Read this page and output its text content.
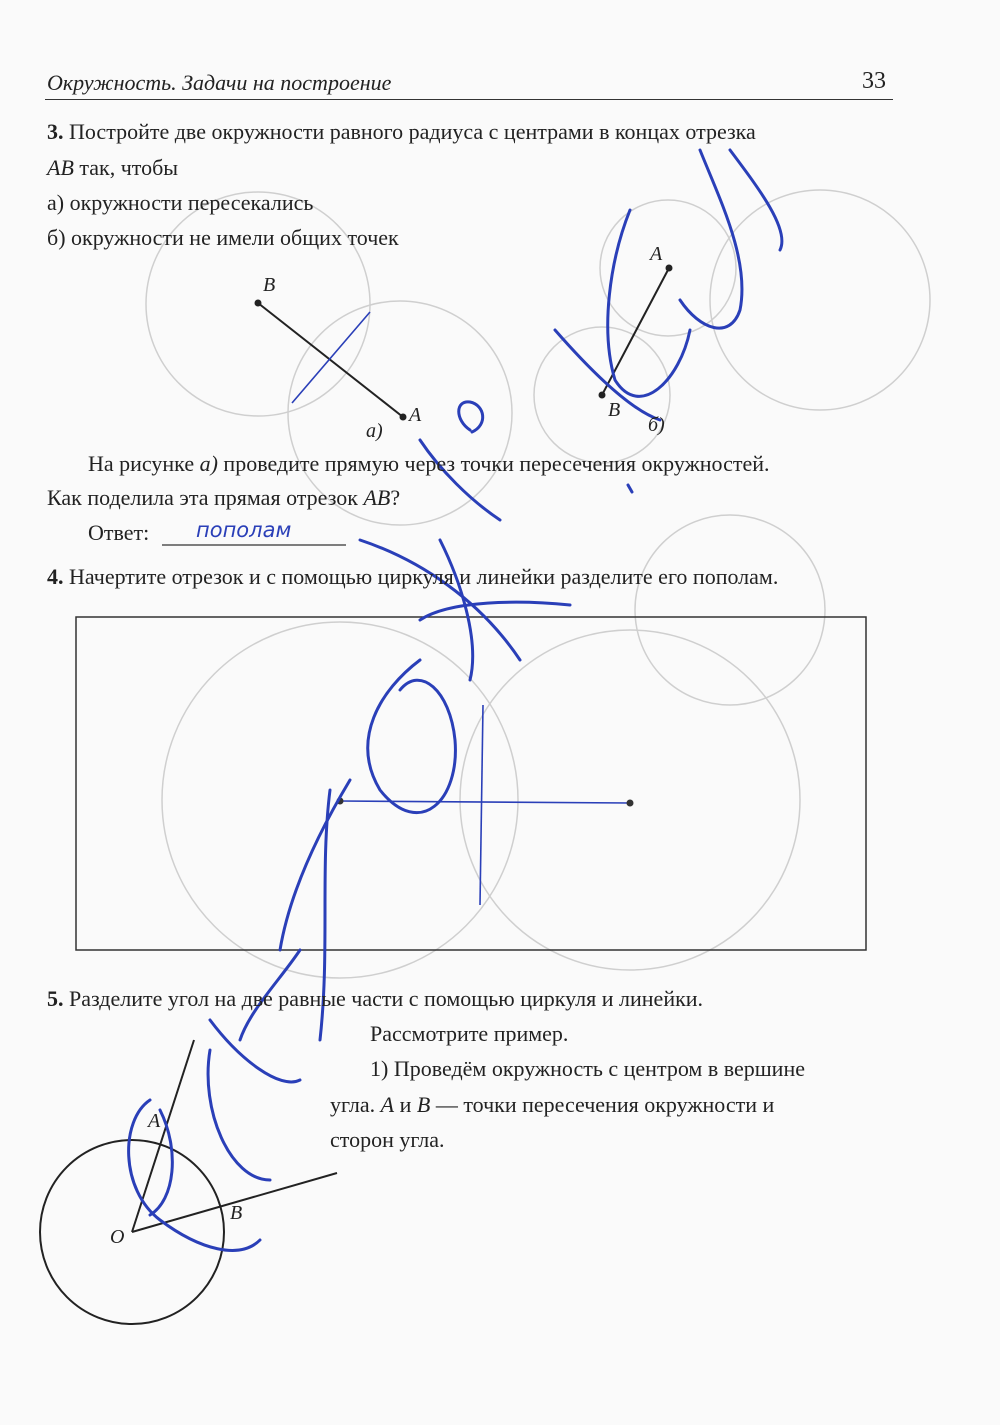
Окружность. Задачи на построение	33
3. Постройте две окружности равного радиуса с центрами в концах отрезка
AB так, чтобы
а) окружности пересекались
б) окружности не имели общих точек
B
A
а)
A
B
б)
На рисунке а) проведите прямую через точки пересечения окружностей.
Как поделила эта прямая отрезок AB?
Ответ: пополам
4. Начертите отрезок и с помощью циркуля и линейки разделите его пополам.
5. Разделите угол на две равные части с помощью циркуля и линейки.
Рассмотрите пример.
1) Проведём окружность с центром в вершине
угла. A и B — точки пересечения окружности и
сторон угла.
A
B
O
